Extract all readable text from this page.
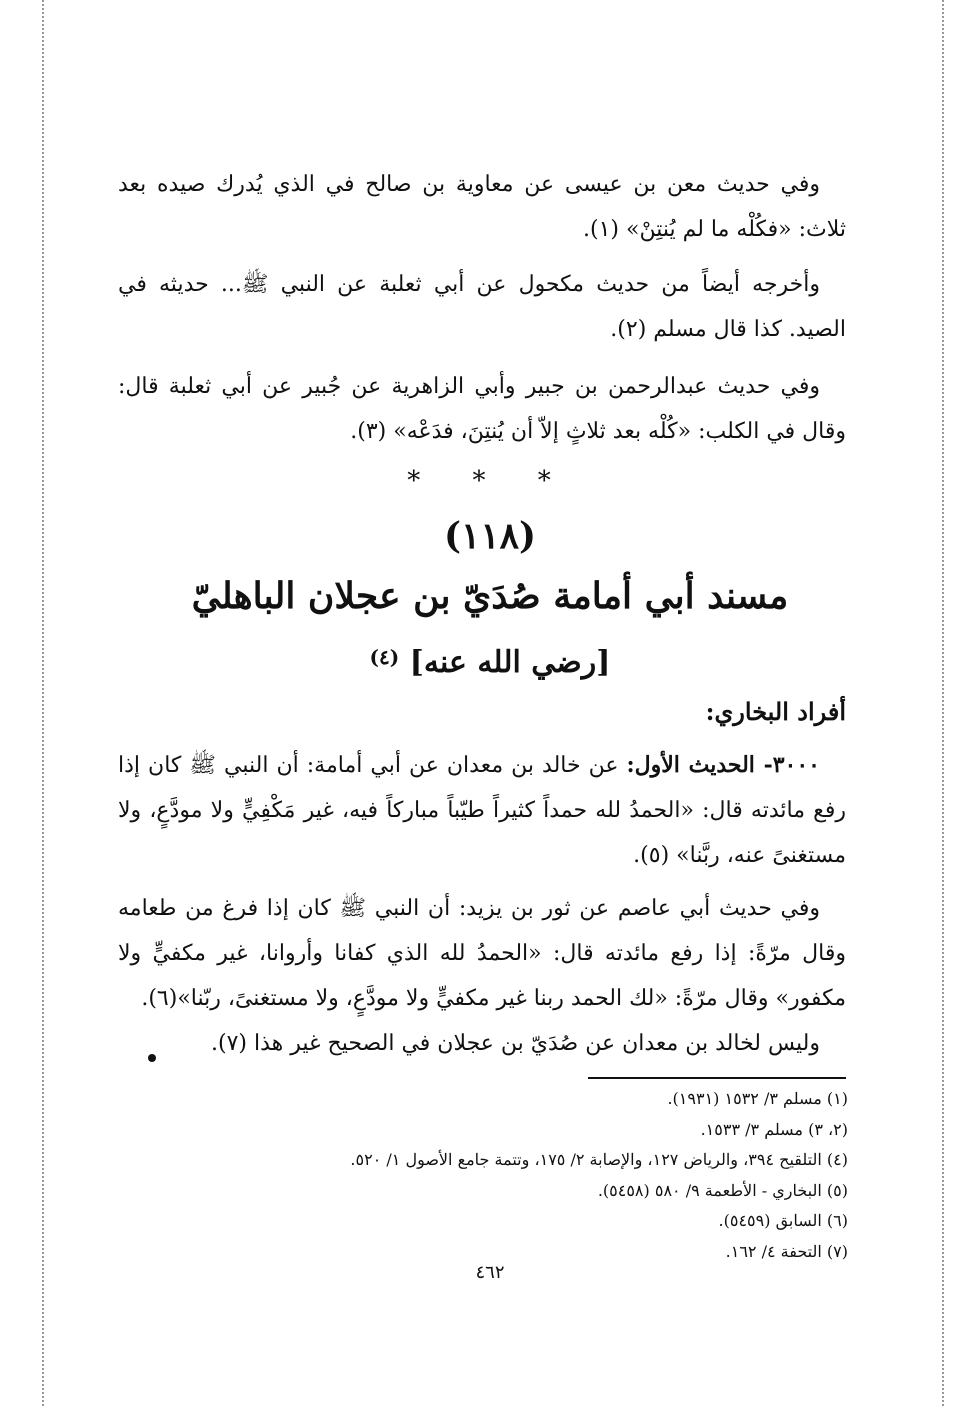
وفي حديث معن بن عيسى عن معاوية بن صالح في الذي يُدرك صيده بعد ثلاث: «فكُلْه ما لم يُنتِنْ» (١).

وأخرجه أيضاً من حديث مكحول عن أبي ثعلبة عن النبي ﷺ... حديثه في الصيد. كذا قال مسلم (٢).

وفي حديث عبدالرحمن بن جبير وأبي الزاهرية عن جُبير عن أبي ثعلبة قال: وقال في الكلب: «كُلْه بعد ثلاثٍ إلاّ أن يُنتِنَ، فدَعْه» (٣).

* * *
(١١٨)
مسند أبي أمامة صُدَيّ بن عجلان الباهليّ
[رضي الله عنه] $^{(٤)}$
أفراد البخاري:

٣٠٠٠- الحديث الأول: عن خالد بن معدان عن أبي أمامة: أن النبي ﷺ كان إذا رفع مائدته قال: «الحمدُ لله حمداً كثيراً طيّباً مباركاً فيه، غير مَكْفِيٍّ ولا مودَّعٍ، ولا مستغنىً عنه، ربَّنا» (٥).

وفي حديث أبي عاصم عن ثور بن يزيد: أن النبي ﷺ كان إذا فرغ من طعامه وقال مرّةً: إذا رفع مائدته قال: «الحمدُ لله الذي كفانا وأروانا، غير مكفيٍّ ولا مكفور» وقال مرّةً: «لك الحمد ربنا غير مكفيٍّ ولا مودَّعٍ، ولا مستغنىً، ربّنا»(٦).

وليس لخالد بن معدان عن صُدَيّ بن عجلان في الصحيح غير هذا (٧).

(١) مسلم ٣/ ١٥٣٢ (١٩٣١).
(٢، ٣) مسلم ٣/ ١٥٣٣.
(٤) التلقيح ٣٩٤، والرياض ١٢٧، والإصابة ٢/ ١٧٥، وتتمة جامع الأصول ١/ ٥٢٠.
(٥) البخاري - الأطعمة ٩/ ٥٨٠ (٥٤٥٨).
(٦) السابق (٥٤٥٩).
(٧) التحفة ٤/ ١٦٢.
٤٦٢
